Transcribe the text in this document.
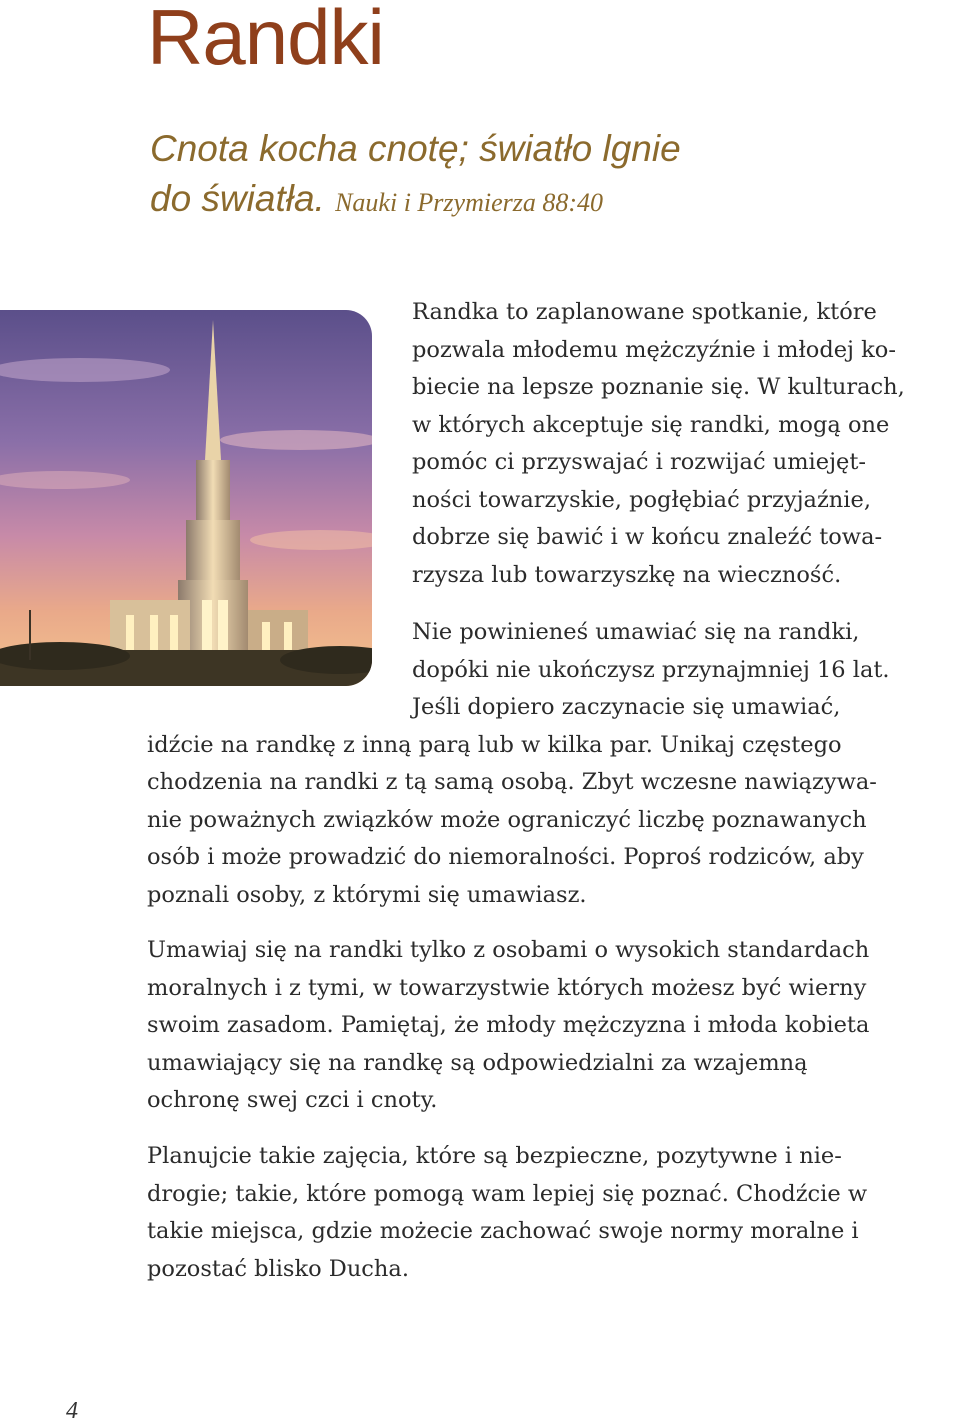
Randki
Cnota kocha cnotę; światło lgnie
do światła. Nauki i Przymierza 88:40
Randka to zaplanowane spotkanie, które
pozwala młodemu mężczyźnie i młodej ko-
biecie na lepsze poznanie się. W kulturach,
w których akceptuje się randki, mogą one
pomóc ci przyswajać i rozwijać umiejęt-
ności towarzyskie, pogłębiać przyjaźnie,
dobrze się bawić i w końcu znaleźć towa-
rzysza lub towarzyszkę na wieczność.
Nie powinieneś umawiać się na randki,
dopóki nie ukończysz przynajmniej 16 lat.
Jeśli dopiero zaczynacie się umawiać,
idźcie na randkę z inną parą lub w kilka par. Unikaj częstego
chodzenia na randki z tą samą osobą. Zbyt wczesne nawiązywa-
nie poważnych związków może ograniczyć liczbę poznawanych
osób i może prowadzić do niemoralności. Poproś rodziców, aby
poznali osoby, z którymi się umawiasz.
Umawiaj się na randki tylko z osobami o wysokich standardach
moralnych i z tymi, w towarzystwie których możesz być wierny
swoim zasadom. Pamiętaj, że młody mężczyzna i młoda kobieta
umawiający się na randkę są odpowiedzialni za wzajemną
ochronę swej czci i cnoty.
Planujcie takie zajęcia, które są bezpieczne, pozytywne i nie-
drogie; takie, które pomogą wam lepiej się poznać. Chodźcie w
takie miejsca, gdzie możecie zachować swoje normy moralne i
pozostać blisko Ducha.
4
